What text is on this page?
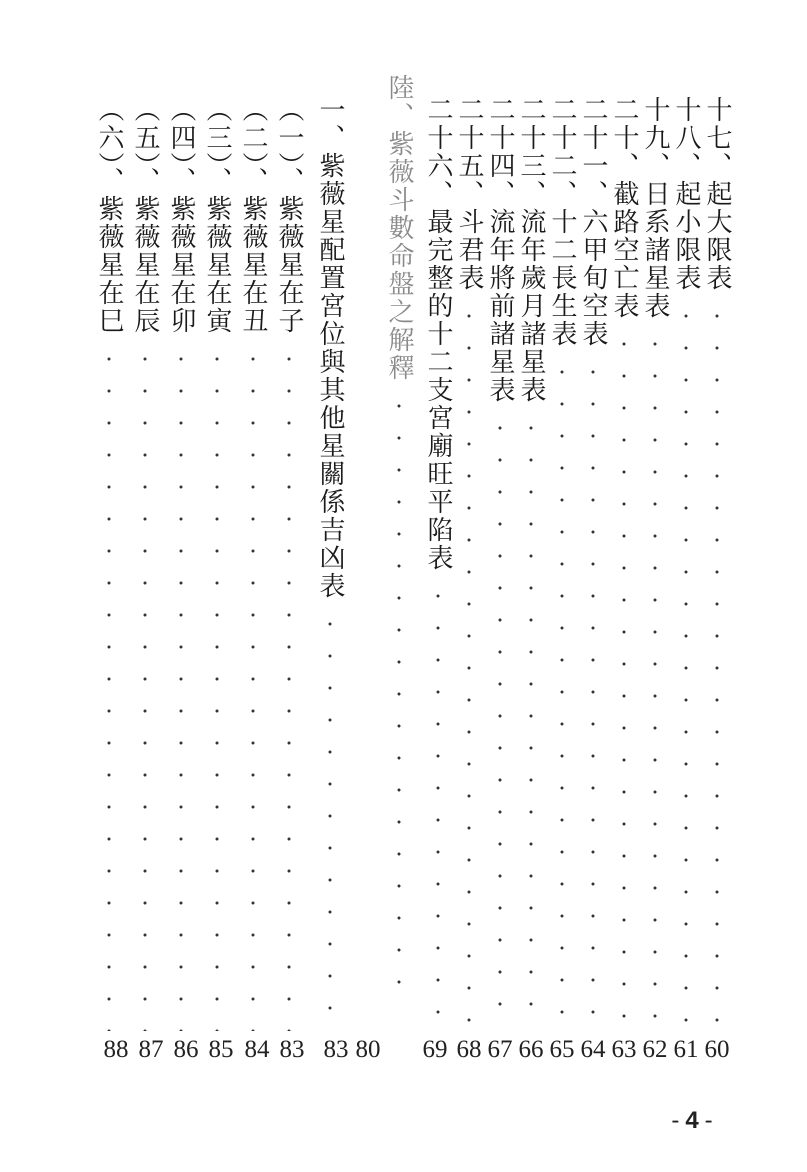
十七、起大限表
十八、起小限表
十九、日系諸星表
二十、截路空亡表
二十一、六甲旬空表
二十二、十二長生表
二十三、流年歲月諸星表
二十四、流年將前諸星表
二十五、斗君表
二十六、最完整的十二支宮廟旺平陷表
陸、紫薇斗數命盤之解釋
一、紫薇星配置宮位與其他星關係吉凶表
（一）、紫薇星在子
（二）、紫薇星在丑
（三）、紫薇星在寅
（四）、紫薇星在卯
（五）、紫薇星在辰
（六）、紫薇星在巳
60
61
62
63
64
65
66
67
68
69
80
83
83
84
85
86
87
88
- 4 -
